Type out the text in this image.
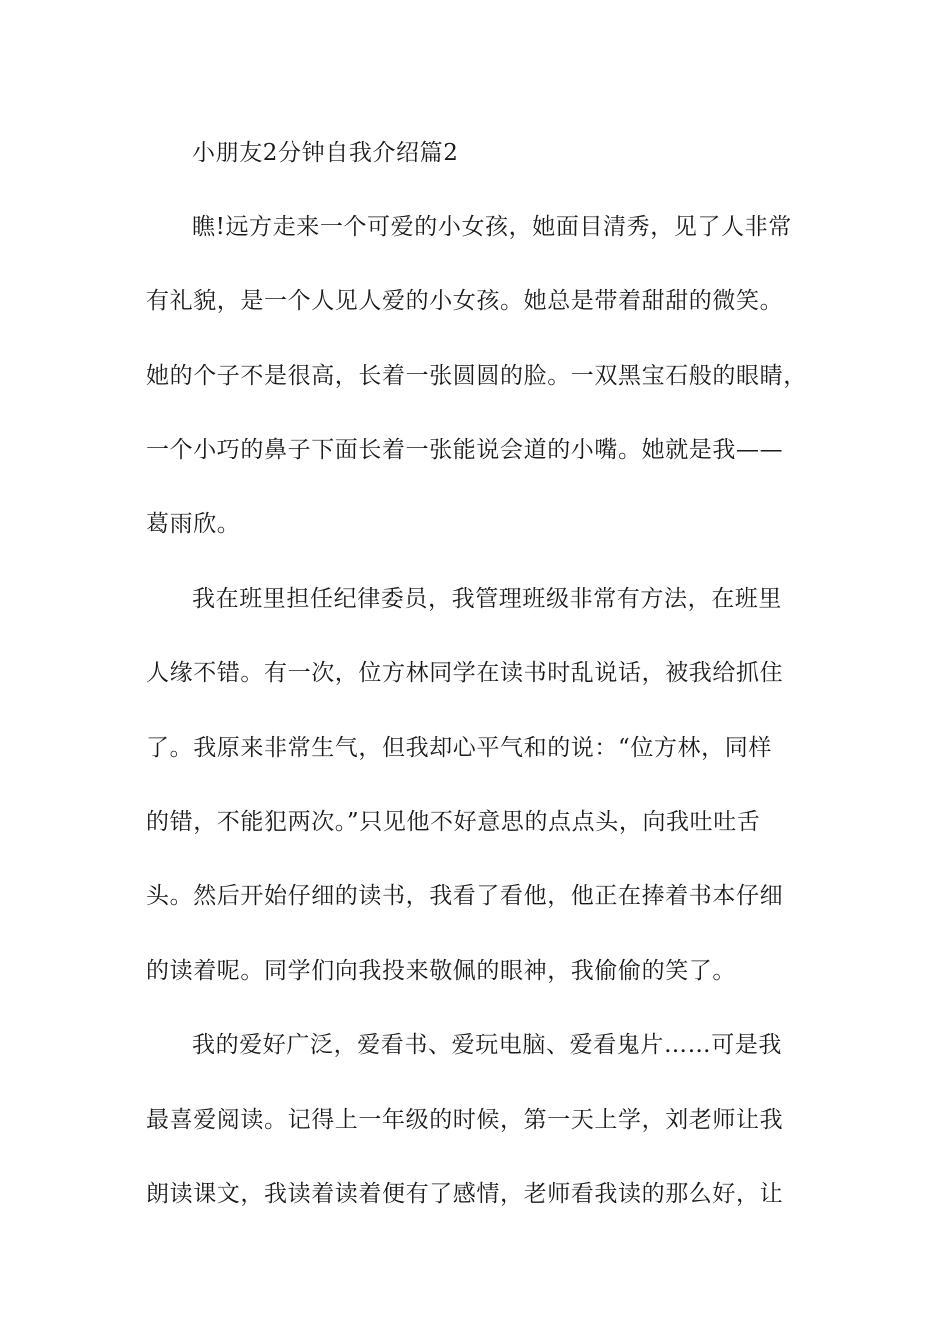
小朋友2分钟自我介绍篇2
瞧!远方走来一个可爱的小女孩，她面目清秀，见了人非常
有礼貌，是一个人见人爱的小女孩。她总是带着甜甜的微笑。
她的个子不是很高，长着一张圆圆的脸。一双黑宝石般的眼睛，
一个小巧的鼻子下面长着一张能说会道的小嘴。她就是我——
葛雨欣。
我在班里担任纪律委员，我管理班级非常有方法，在班里
人缘不错。有一次，位方林同学在读书时乱说话，被我给抓住
了。我原来非常生气，但我却心平气和的说：“位方林，同样
的错，不能犯两次。”只见他不好意思的点点头，向我吐吐舌
头。然后开始仔细的读书，我看了看他，他正在捧着书本仔细
的读着呢。同学们向我投来敬佩的眼神，我偷偷的笑了。
我的爱好广泛，爱看书、爱玩电脑、爱看鬼片……可是我
最喜爱阅读。记得上一年级的时候，第一天上学，刘老师让我
朗读课文，我读着读着便有了感情，老师看我读的那么好，让
